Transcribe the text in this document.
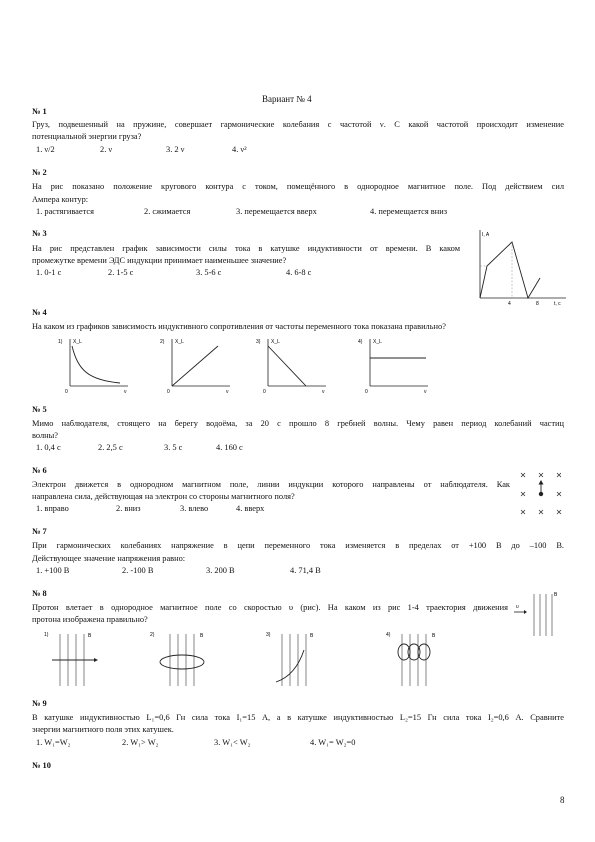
Вариант № 4
№ 1
Груз, подвешенный на пружине, совершает гармонические колебания с частотой ν. С какой частотой происходит изменение
потенциальной энергии груза?
1. ν/2	2. ν	3. 2 ν	4. ν²
№ 2
На рис показано положение кругового контура с током, помещённого в однородное магнитное поле. Под действием сил
Ампера контур:
1. растягивается	2. сжимается	3. перемещается вверх	4. перемещается вниз
№ 3
На рис представлен график зависимости силы тока в катушке индуктивности от времени. В каком
промежутке времени ЭДС индукции принимает наименьшее значение?
1. 0-1 с	2. 1-5 с	3. 5-6 с	4. 6-8 с
I, A
t, c
4	8
№ 4
На каком из графиков зависимость индуктивного сопротивления от частоты переменного тока показана правильно?
1) X_L
ν
0
2) X_L
ν
0
3) X_L
ν
0
4) X_L
ν
0
№ 5
Мимо наблюдателя, стоящего на берегу водоёма, за 20 с прошло 8 гребней волны. Чему равен период колебаний частиц
волны?
1. 0,4 с	2. 2,5 с	3. 5 с	4. 160 с
№ 6
Электрон движется в однородном магнитном поле, линии индукции которого направлены от наблюдателя. Как
направлена сила, действующая на электрон со стороны магнитного поля?
1. вправо	2. вниз	3. влево	4. вверх
№ 7
При гармонических колебаниях напряжение в цепи переменного тока изменяется в пределах от +100 В до –100 В.
Действующее значение напряжения равно:
1. +100 В	2. -100 В	3. 200 В	4. 71,4 В
№ 8
Протон влетает в однородное магнитное поле со скоростью υ (рис). На каком из рис 1-4 траектория движения
протона изображена правильно?
B
υ
1)	B	2)	B	3)	B	4)	B
№ 9
В катушке индуктивностью L₁=0,6 Гн сила тока I₁=15 А, а в катушке индуктивностью L₂=15 Гн сила тока I₂=0,6 А. Сравните
энергии магнитного поля этих катушек.
1. W₁=W₂	2. W₁> W₂	3. W₁< W₂	4. W₁= W₂=0
№ 10
8
